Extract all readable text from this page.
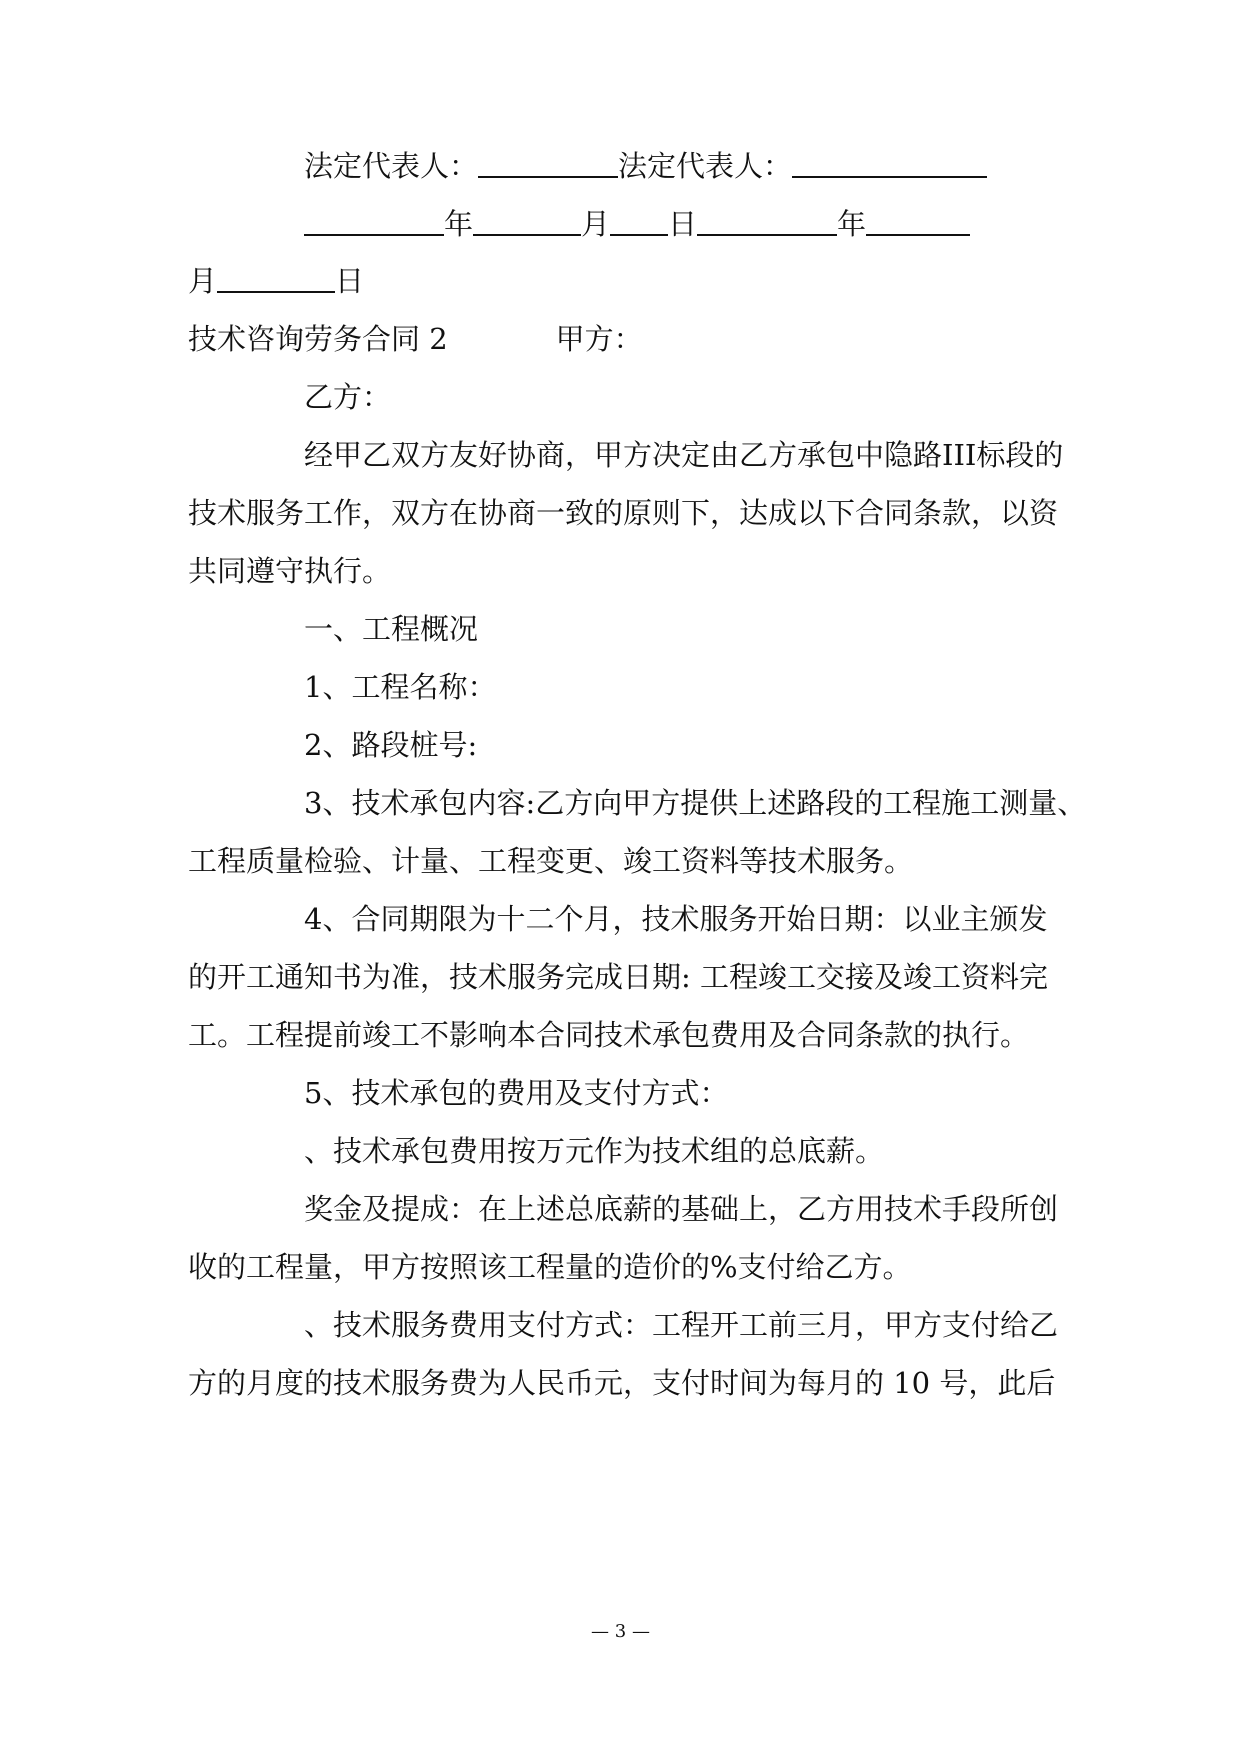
法定代表人：	法定代表人：
年	月 日	年
月	日
技术咨询劳务合同 2	甲方：
乙方：
经甲乙双方友好协商，甲方决定由乙方承包中隐路III标段的
技术服务工作，双方在协商一致的原则下，达成以下合同条款，以资
共同遵守执行。
一、工程概况
1、工程名称：
2、路段桩号:
3、技术承包内容:乙方向甲方提供上述路段的工程施工测量、
工程质量检验、计量、工程变更、竣工资料等技术服务。
4、合同期限为十二个月，技术服务开始日期：以业主颁发
的开工通知书为准，技术服务完成日期: 工程竣工交接及竣工资料完
工。工程提前竣工不影响本合同技术承包费用及合同条款的执行。
5、技术承包的费用及支付方式：
、技术承包费用按万元作为技术组的总底薪。
奖金及提成：在上述总底薪的基础上，乙方用技术手段所创
收的工程量，甲方按照该工程量的造价的%支付给乙方。
、技术服务费用支付方式：工程开工前三月，甲方支付给乙
方的月度的技术服务费为人民币元，支付时间为每月的 10 号，此后
— 3 —
